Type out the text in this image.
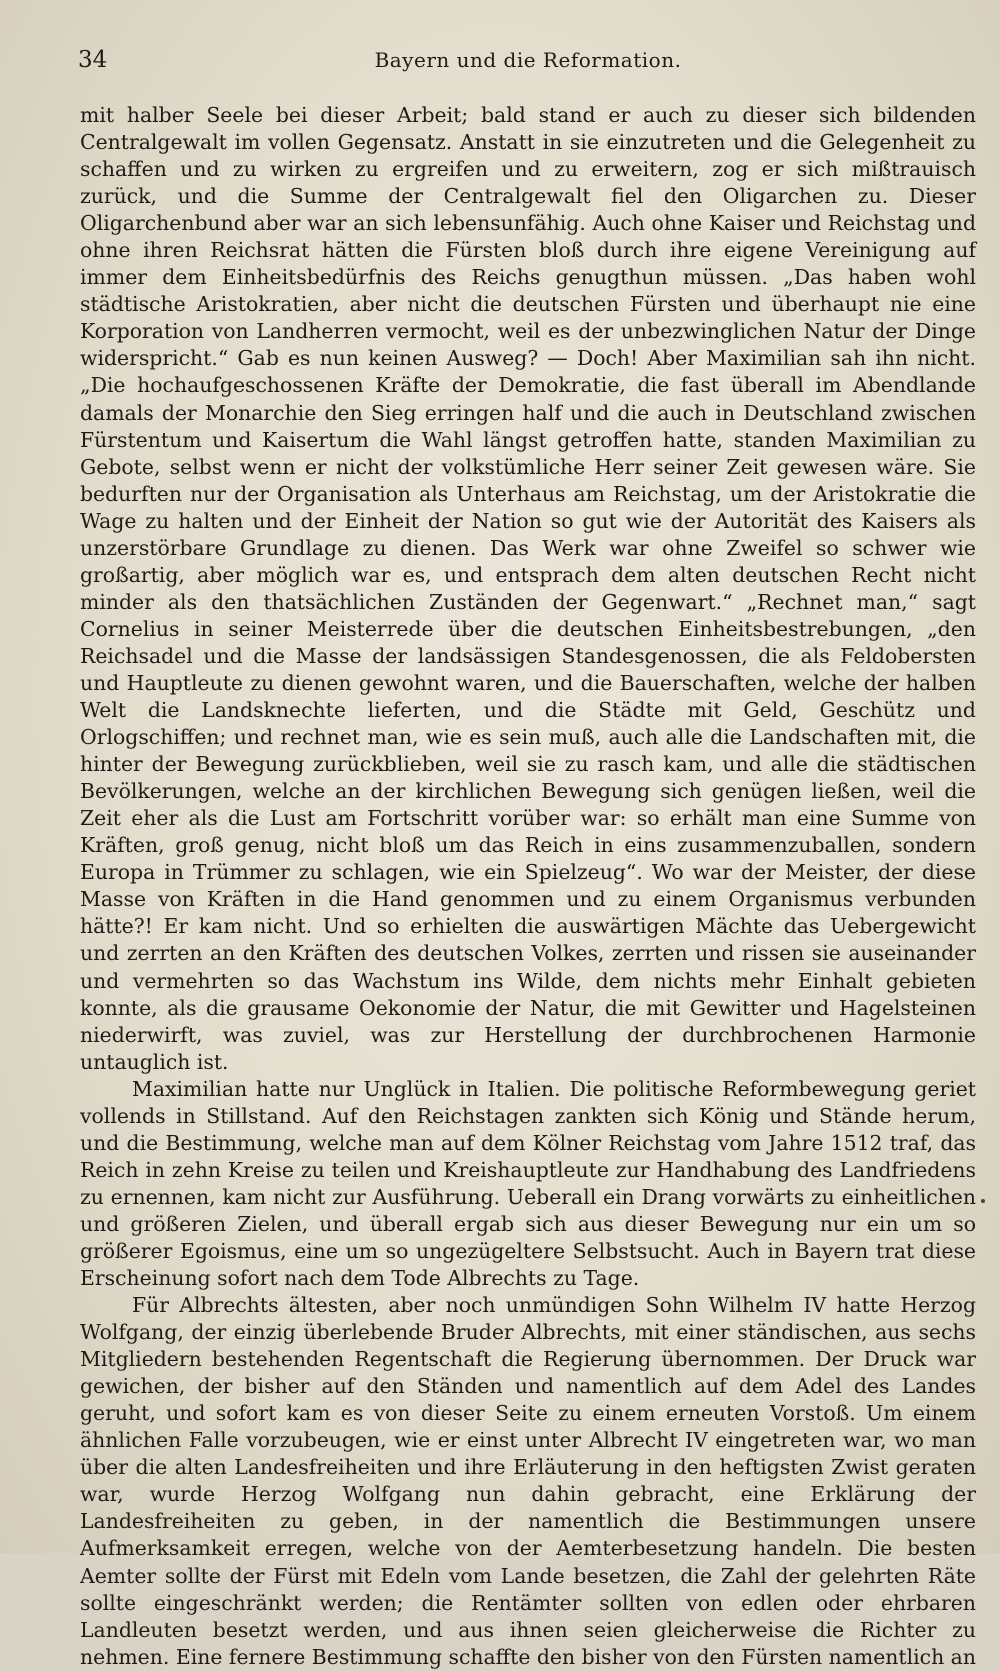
34	Bayern und die Reformation.

mit halber Seele bei dieser Arbeit; bald stand er auch zu dieser sich bildenden Centralgewalt im vollen Gegensatz. Anstatt in sie einzutreten und die Gelegenheit zu schaffen und zu wirken zu ergreifen und zu erweitern, zog er sich mißtrauisch zurück, und die Summe der Centralgewalt fiel den Oligarchen zu. Dieser Oligarchenbund aber war an sich lebensunfähig. Auch ohne Kaiser und Reichstag und ohne ihren Reichsrat hätten die Fürsten bloß durch ihre eigene Vereinigung auf immer dem Einheitsbedürfnis des Reichs genugthun müssen. „Das haben wohl städtische Aristokratien, aber nicht die deutschen Fürsten und überhaupt nie eine Korporation von Landherren vermocht, weil es der unbezwinglichen Natur der Dinge widerspricht.“ Gab es nun keinen Ausweg? — Doch! Aber Maximilian sah ihn nicht. „Die hochaufgeschossenen Kräfte der Demokratie, die fast überall im Abendlande damals der Monarchie den Sieg erringen half und die auch in Deutschland zwischen Fürstentum und Kaisertum die Wahl längst getroffen hatte, standen Maximilian zu Gebote, selbst wenn er nicht der volkstümliche Herr seiner Zeit gewesen wäre. Sie bedurften nur der Organisation als Unterhaus am Reichstag, um der Aristokratie die Wage zu halten und der Einheit der Nation so gut wie der Autorität des Kaisers als unzerstörbare Grundlage zu dienen. Das Werk war ohne Zweifel so schwer wie großartig, aber möglich war es, und entsprach dem alten deutschen Recht nicht minder als den thatsächlichen Zuständen der Gegenwart.“ „Rechnet man,“ sagt Cornelius in seiner Meisterrede über die deutschen Einheitsbestrebungen, „den Reichsadel und die Masse der landsässigen Standesgenossen, die als Feldobersten und Hauptleute zu dienen gewohnt waren, und die Bauerschaften, welche der halben Welt die Landsknechte lieferten, und die Städte mit Geld, Geschütz und Orlogschiffen; und rechnet man, wie es sein muß, auch alle die Landschaften mit, die hinter der Bewegung zurückblieben, weil sie zu rasch kam, und alle die städtischen Bevölkerungen, welche an der kirchlichen Bewegung sich genügen ließen, weil die Zeit eher als die Lust am Fortschritt vorüber war: so erhält man eine Summe von Kräften, groß genug, nicht bloß um das Reich in eins zusammenzuballen, sondern Europa in Trümmer zu schlagen, wie ein Spielzeug“. Wo war der Meister, der diese Masse von Kräften in die Hand genommen und zu einem Organismus verbunden hätte?! Er kam nicht. Und so erhielten die auswärtigen Mächte das Uebergewicht und zerrten an den Kräften des deutschen Volkes, zerrten und rissen sie auseinander und vermehrten so das Wachstum ins Wilde, dem nichts mehr Einhalt gebieten konnte, als die grausame Oekonomie der Natur, die mit Gewitter und Hagelsteinen niederwirft, was zuviel, was zur Herstellung der durchbrochenen Harmonie untauglich ist.

Maximilian hatte nur Unglück in Italien. Die politische Reformbewegung geriet vollends in Stillstand. Auf den Reichstagen zankten sich König und Stände herum, und die Bestimmung, welche man auf dem Kölner Reichstag vom Jahre 1512 traf, das Reich in zehn Kreise zu teilen und Kreishauptleute zur Handhabung des Landfriedens zu ernennen, kam nicht zur Ausführung. Ueberall ein Drang vorwärts zu einheitlichen und größeren Zielen, und überall ergab sich aus dieser Bewegung nur ein um so größerer Egoismus, eine um so ungezügeltere Selbstsucht. Auch in Bayern trat diese Erscheinung sofort nach dem Tode Albrechts zu Tage.

Für Albrechts ältesten, aber noch unmündigen Sohn Wilhelm IV hatte Herzog Wolfgang, der einzig überlebende Bruder Albrechts, mit einer ständischen, aus sechs Mitgliedern bestehenden Regentschaft die Regierung übernommen. Der Druck war gewichen, der bisher auf den Ständen und namentlich auf dem Adel des Landes geruht, und sofort kam es von dieser Seite zu einem erneuten Vorstoß. Um einem ähnlichen Falle vorzubeugen, wie er einst unter Albrecht IV eingetreten war, wo man über die alten Landesfreiheiten und ihre Erläuterung in den heftigsten Zwist geraten war, wurde Herzog Wolfgang nun dahin gebracht, eine Erklärung der Landesfreiheiten zu geben, in der namentlich die Bestimmungen unsere Aufmerksamkeit erregen, welche von der Aemterbesetzung handeln. Die besten Aemter sollte der Fürst mit Edeln vom Lande besetzen, die Zahl der gelehrten Räte sollte eingeschränkt werden; die Rentämter sollten von edlen oder ehrbaren Landleuten besetzt werden, und aus ihnen seien gleicherweise die Richter zu nehmen. Eine fernere Bestimmung schaffte den bisher von den Fürsten namentlich an
